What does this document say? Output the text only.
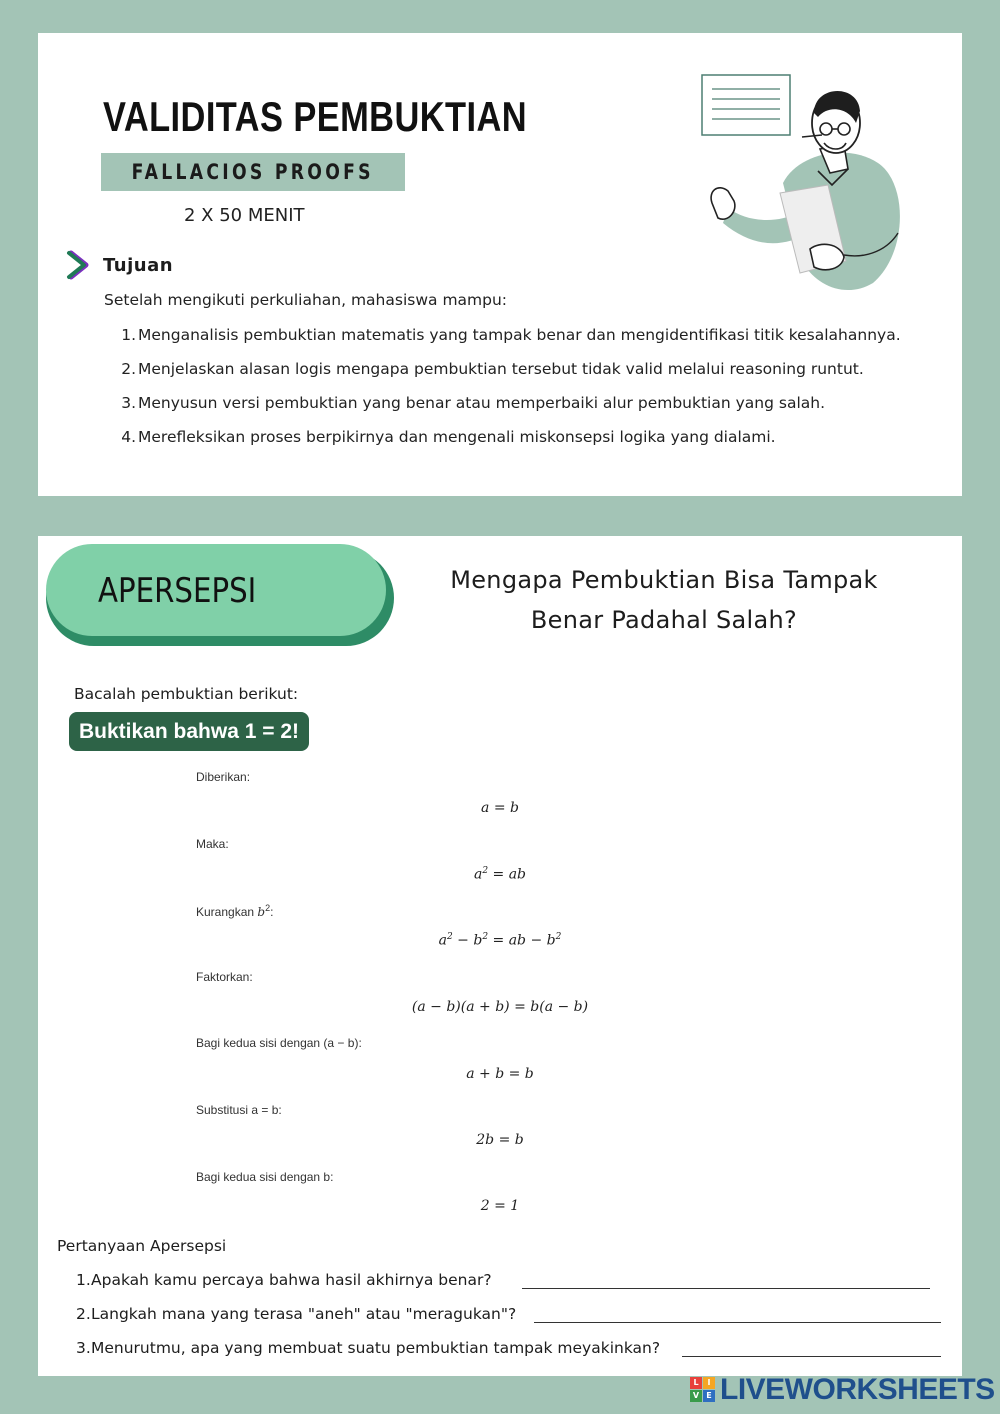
VALIDITAS PEMBUKTIAN
FALLACIOS PROOFS
2 X 50 MENIT
Tujuan
Setelah mengikuti perkuliahan, mahasiswa mampu:
1. Menganalisis pembuktian matematis yang tampak benar dan mengidentifikasi titik kesalahannya.
2. Menjelaskan alasan logis mengapa pembuktian tersebut tidak valid melalui reasoning runtut.
3. Menyusun versi pembuktian yang benar atau memperbaiki alur pembuktian yang salah.
4. Merefleksikan proses berpikirnya dan mengenali miskonsepsi logika yang dialami.
APERSEPSI	Mengapa Pembuktian Bisa Tampak
Benar Padahal Salah?
Bacalah pembuktian berikut:
Buktikan bahwa 1 = 2!
Diberikan:
a = b
Maka:
$a^2$ = ab
Kurangkan $b^2$:
$a^2 - b^2$ = ab − $b^2$
Faktorkan:
(a − b)(a + b) = b(a − b)
Bagi kedua sisi dengan (a − b):
a + b = b
Substitusi a = b:
2b = b
Bagi kedua sisi dengan b:
2 = 1
Pertanyaan Apersepsi
1. Apakah kamu percaya bahwa hasil akhirnya benar?
2. Langkah mana yang terasa "aneh" atau "meragukan"?
3. Menurutmu, apa yang membuat suatu pembuktian tampak meyakinkan?
L	I
V E LIVEWORKSHEETS
